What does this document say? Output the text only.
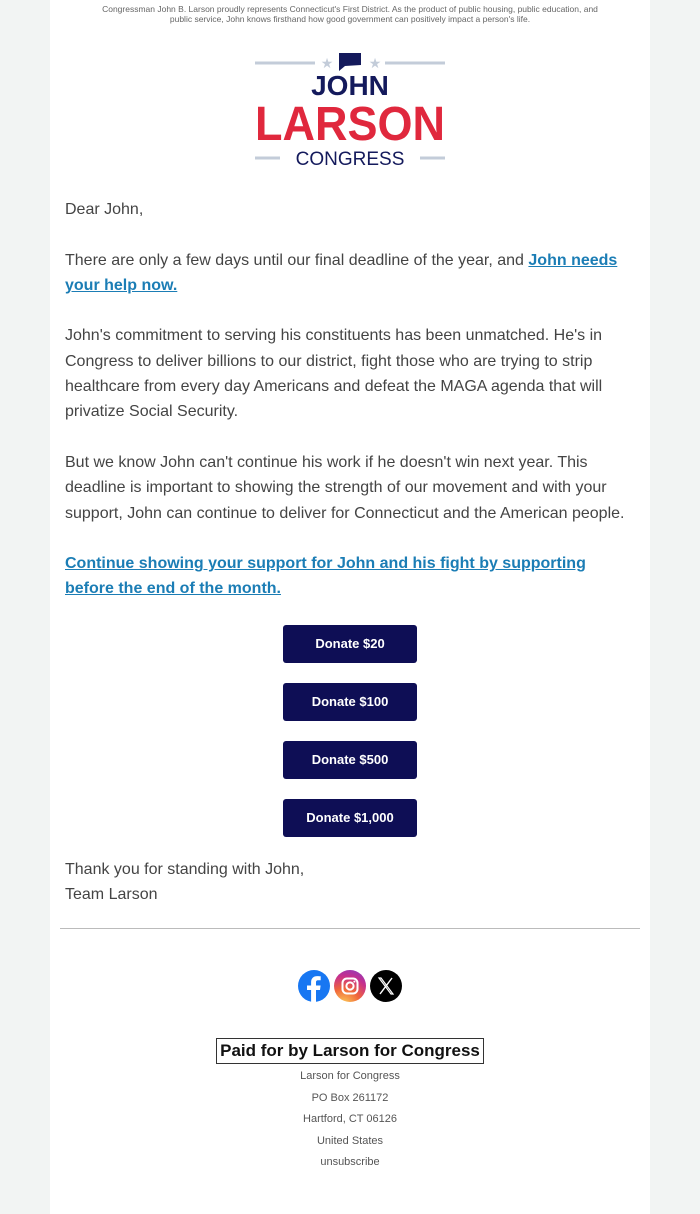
Congressman John B. Larson proudly represents Connecticut's First District. As the product of public housing, public education, and public service, John knows firsthand how good government can positively impact a person's life.
★	★
JOHN
LARSON
CONGRESS

Dear John,

There are only a few days until our final deadline of the year, and John needs your help now.

John's commitment to serving his constituents has been unmatched. He's in Congress to deliver billions to our district, fight those who are trying to strip healthcare from every day Americans and defeat the MAGA agenda that will privatize Social Security.

But we know John can't continue his work if he doesn't win next year. This deadline is important to showing the strength of our movement and with your support, John can continue to deliver for Connecticut and the American people.

Continue showing your support for John and his fight by supporting before the end of the month.

Donate $20
Donate $100
Donate $500
Donate $1,000
Thank you for standing with John,
Team Larson
Paid for by Larson for Congress
Larson for Congress
PO Box 261172
Hartford, CT 06126
United States
unsubscribe
